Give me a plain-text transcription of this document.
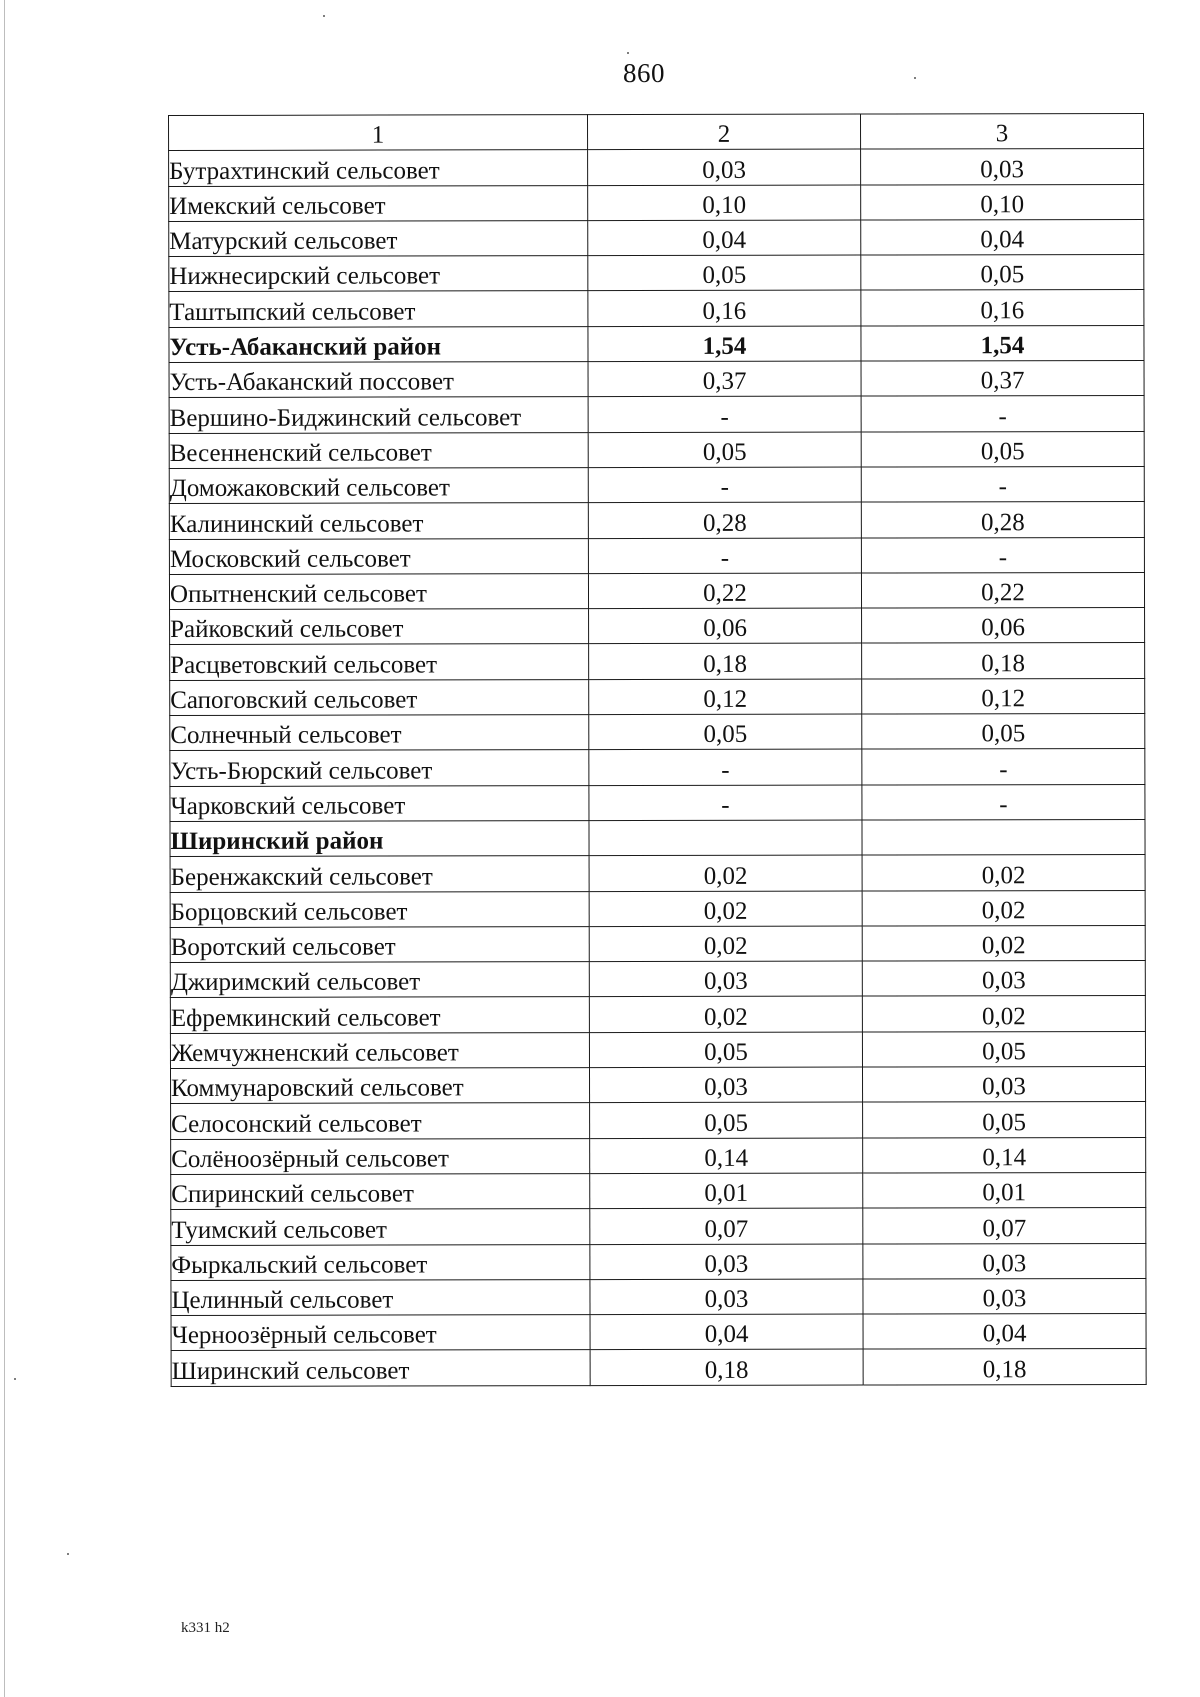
860
1	2	3
Бутрахтинский сельсовет	0,03	0,03
Имекский сельсовет	0,10	0,10
Матурский сельсовет	0,04	0,04
Нижнесирский сельсовет	0,05	0,05
Таштыпский сельсовет	0,16	0,16
Усть-Абаканский район	1,54	1,54
Усть-Абаканский поссовет	0,37	0,37
Вершино-Биджинский сельсовет	-	-
Весенненский сельсовет	0,05	0,05
Доможаковский сельсовет	-	-
Калининский сельсовет	0,28	0,28
Московский сельсовет	-	-
Опытненский сельсовет	0,22	0,22
Райковский сельсовет	0,06	0,06
Расцветовский сельсовет	0,18	0,18
Сапоговский сельсовет	0,12	0,12
Солнечный сельсовет	0,05	0,05
Усть-Бюрский сельсовет	-	-
Чарковский сельсовет	-	-
Ширинский район		
Беренжакский сельсовет	0,02	0,02
Борцовский сельсовет	0,02	0,02
Воротский сельсовет	0,02	0,02
Джиримский сельсовет	0,03	0,03
Ефремкинский сельсовет	0,02	0,02
Жемчужненский сельсовет	0,05	0,05
Коммунаровский сельсовет	0,03	0,03
Селосонский сельсовет	0,05	0,05
Солёноозёрный сельсовет	0,14	0,14
Спиринский сельсовет	0,01	0,01
Туимский сельсовет	0,07	0,07
Фыркальский сельсовет	0,03	0,03
Целинный сельсовет	0,03	0,03
Черноозёрный сельсовет	0,04	0,04
Ширинский сельсовет	0,18	0,18
k331 h2
